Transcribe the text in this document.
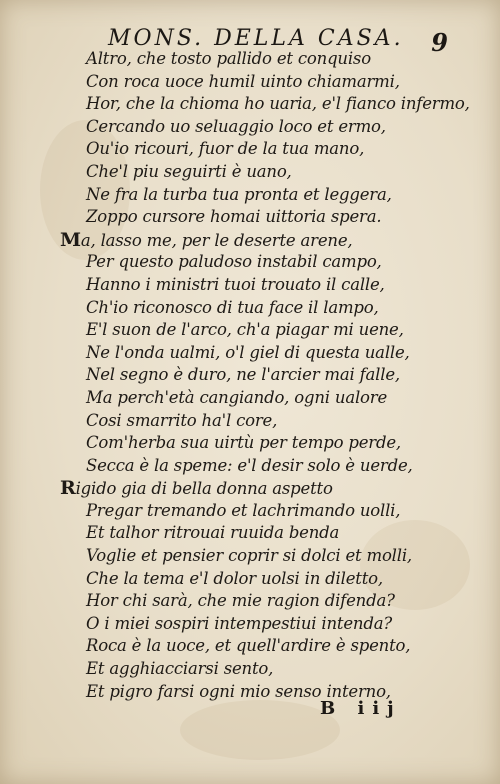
MONS. DELLA CASA. 9
Altro, che tosto pallido et conquiso
Con roca uoce humil uinto chiamarmi,
Hor, che la chioma ho uaria, e'l fianco infermo,
Cercando uo seluaggio loco et ermo,
Ou'io ricouri, fuor de la tua mano,
Che'l piu seguirti è uano,
Ne fra la turba tua pronta et leggera,
Zoppo cursore homai uittoria spera.
Ma, lasso me, per le deserte arene,
Per questo paludoso instabil campo,
Hanno i ministri tuoi trouato il calle,
Ch'io riconosco di tua face il lampo,
E'l suon de l'arco, ch'a piagar mi uene,
Ne l'onda ualmi, o'l giel di questa ualle,
Nel segno è duro, ne l'arcier mai falle,
Ma perch'età cangiando, ogni ualore
Cosi smarrito ha'l core,
Com'herba sua uirtù per tempo perde,
Secca è la speme: e'l desir solo è uerde,
Rigido gia di bella donna aspetto
Pregar tremando et lachrimando uolli,
Et talhor ritrouai ruuida benda
Voglie et pensier coprir si dolci et molli,
Che la tema e'l dolor uolsi in diletto,
Hor chi sarà, che mie ragion difenda?
O i miei sospiri intempestiui intenda?
Roca è la uoce, et quell'ardire è spento,
Et agghiacciarsi sento,
Et pigro farsi ogni mio senso interno,
B iij
